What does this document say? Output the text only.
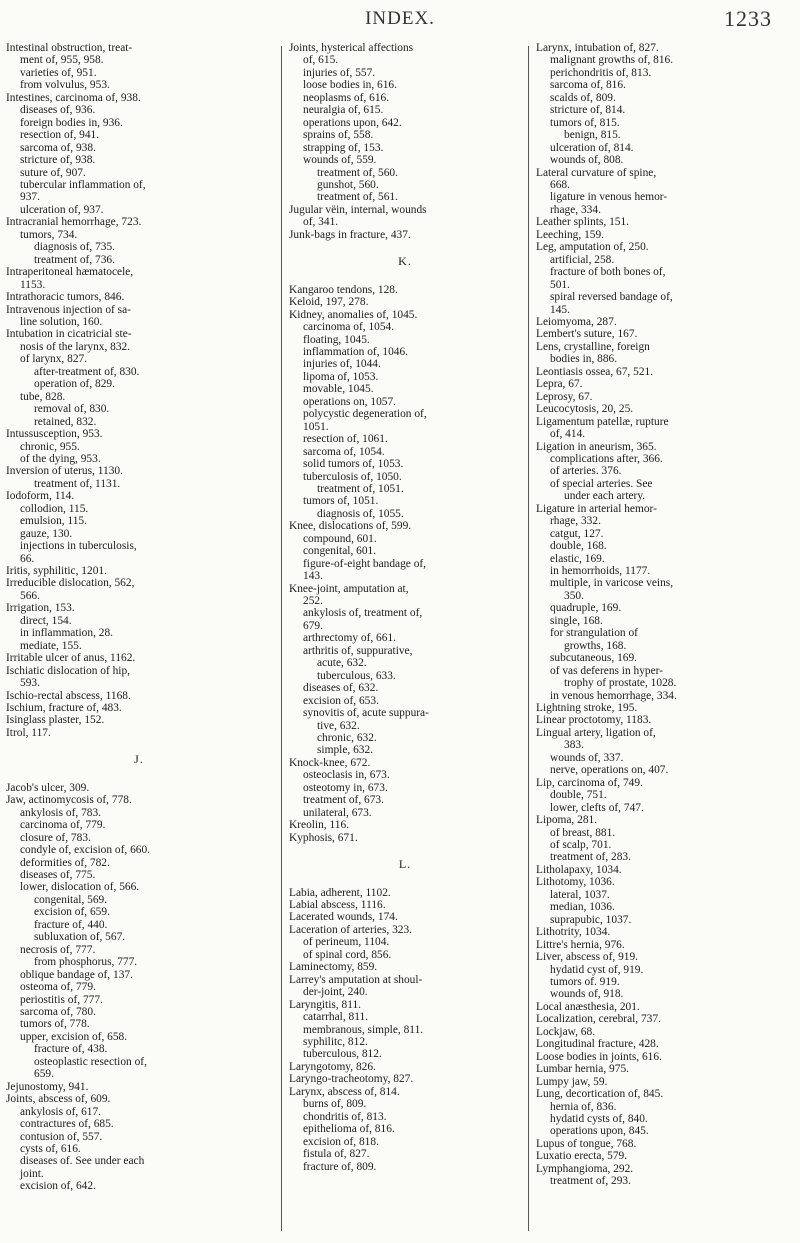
INDEX.	1233
Intestinal obstruction, treat-
ment of, 955, 958.
varieties of, 951.
from volvulus, 953.
Intestines, carcinoma of, 938.
diseases of, 936.
foreign bodies in, 936.
resection of, 941.
sarcoma of, 938.
stricture of, 938.
suture of, 907.
tubercular inflammation of,
937.
ulceration of, 937.
Intracranial hemorrhage, 723.
tumors, 734.
diagnosis of, 735.
treatment of, 736.
Intraperitoneal hæmatocele,
1153.
Intrathoracic tumors, 846.
Intravenous injection of sa-
line solution, 160.
Intubation in cicatricial ste-
nosis of the larynx, 832.
of larynx, 827.
after-treatment of, 830.
operation of, 829.
tube, 828.
removal of, 830.
retained, 832.
Intussusception, 953.
chronic, 955.
of the dying, 953.
Inversion of uterus, 1130.
treatment of, 1131.
Iodoform, 114.
collodion, 115.
emulsion, 115.
gauze, 130.
injections in tuberculosis,
66.
Iritis, syphilitic, 1201.
Irreducible dislocation, 562,
566.
Irrigation, 153.
direct, 154.
in inflammation, 28.
mediate, 155.
Irritable ulcer of anus, 1162.
Ischiatic dislocation of hip,
593.
Ischio-rectal abscess, 1168.
Ischium, fracture of, 483.
Isinglass plaster, 152.
Itrol, 117.
J.
Jacob's ulcer, 309.
Jaw, actinomycosis of, 778.
ankylosis of, 783.
carcinoma of, 779.
closure of, 783.
condyle of, excision of, 660.
deformities of, 782.
diseases of, 775.
lower, dislocation of, 566.
congenital, 569.
excision of, 659.
fracture of, 440.
subluxation of, 567.
necrosis of, 777.
from phosphorus, 777.
oblique bandage of, 137.
osteoma of, 779.
periostitis of, 777.
sarcoma of, 780.
tumors of, 778.
upper, excision of, 658.
fracture of, 438.
osteoplastic resection of,
659.
Jejunostomy, 941.
Joints, abscess of, 609.
ankylosis of, 617.
contractures of, 685.
contusion of, 557.
cysts of, 616.
diseases of. See under each
joint.
excision of, 642.
Joints, hysterical affections
of, 615.
injuries of, 557.
loose bodies in, 616.
neoplasms of, 616.
neuralgia of, 615.
operations upon, 642.
sprains of, 558.
strapping of, 153.
wounds of, 559.
treatment of, 560.
gunshot, 560.
treatment of, 561.
Jugular vëin, internal, wounds
of, 341.
Junk-bags in fracture, 437.
K.
Kangaroo tendons, 128.
Keloid, 197, 278.
Kidney, anomalies of, 1045.
carcinoma of, 1054.
floating, 1045.
inflammation of, 1046.
injuries of, 1044.
lipoma of, 1053.
movable, 1045.
operations on, 1057.
polycystic degeneration of,
1051.
resection of, 1061.
sarcoma of, 1054.
solid tumors of, 1053.
tuberculosis of, 1050.
treatment of, 1051.
tumors of, 1051.
diagnosis of, 1055.
Knee, dislocations of, 599.
compound, 601.
congenital, 601.
figure-of-eight bandage of,
143.
Knee-joint, amputation at,
252.
ankylosis of, treatment of,
679.
arthrectomy of, 661.
arthritis of, suppurative,
acute, 632.
tuberculous, 633.
diseases of, 632.
excision of, 653.
synovitis of, acute suppura-
tive, 632.
chronic, 632.
simple, 632.
Knock-knee, 672.
osteoclasis in, 673.
osteotomy in, 673.
treatment of, 673.
unilateral, 673.
Kreolin, 116.
Kyphosis, 671.
L.
Labia, adherent, 1102.
Labial abscess, 1116.
Lacerated wounds, 174.
Laceration of arteries, 323.
of perineum, 1104.
of spinal cord, 856.
Laminectomy, 859.
Larrey's amputation at shoul-
der-joint, 240.
Laryngitis, 811.
catarrhal, 811.
membranous, simple, 811.
syphilitc, 812.
tuberculous, 812.
Laryngotomy, 826.
Laryngo-tracheotomy, 827.
Larynx, abscess of, 814.
burns of, 809.
chondritis of, 813.
epithelioma of, 816.
excision of, 818.
fistula of, 827.
fracture of, 809.
Larynx, intubation of, 827.
malignant growths of, 816.
perichondritis of, 813.
sarcoma of, 816.
scalds of, 809.
stricture of, 814.
tumors of, 815.
benign, 815.
ulceration of, 814.
wounds of, 808.
Lateral curvature of spine,
668.
ligature in venous hemor-
rhage, 334.
Leather splints, 151.
Leeching, 159.
Leg, amputation of, 250.
artificial, 258.
fracture of both bones of,
501.
spiral reversed bandage of,
145.
Leiomyoma, 287.
Lembert's suture, 167.
Lens, crystalline, foreign
bodies in, 886.
Leontiasis ossea, 67, 521.
Lepra, 67.
Leprosy, 67.
Leucocytosis, 20, 25.
Ligamentum patellæ, rupture
of, 414.
Ligation in aneurism, 365.
complications after, 366.
of arteries. 376.
of special arteries. See
under each artery.
Ligature in arterial hemor-
rhage, 332.
catgut, 127.
double, 168.
elastic, 169.
in hemorrhoids, 1177.
multiple, in varicose veins,
350.
quadruple, 169.
single, 168.
for strangulation of
growths, 168.
subcutaneous, 169.
of vas deferens in hyper-
trophy of prostate, 1028.
in venous hemorrhage, 334.
Lightning stroke, 195.
Linear proctotomy, 1183.
Lingual artery, ligation of,
383.
wounds of, 337.
nerve, operations on, 407.
Lip, carcinoma of, 749.
double, 751.
lower, clefts of, 747.
Lipoma, 281.
of breast, 881.
of scalp, 701.
treatment of, 283.
Litholapaxy, 1034.
Lithotomy, 1036.
lateral, 1037.
median, 1036.
suprapubic, 1037.
Lithotrity, 1034.
Littre's hernia, 976.
Liver, abscess of, 919.
hydatid cyst of, 919.
tumors of. 919.
wounds of, 918.
Local anæsthesia, 201.
Localization, cerebral, 737.
Lockjaw, 68.
Longitudinal fracture, 428.
Loose bodies in joints, 616.
Lumbar hernia, 975.
Lumpy jaw, 59.
Lung, decortication of, 845.
hernia of, 836.
hydatid cysts of, 840.
operations upon, 845.
Lupus of tongue, 768.
Luxatio erecta, 579.
Lymphangioma, 292.
treatment of, 293.
